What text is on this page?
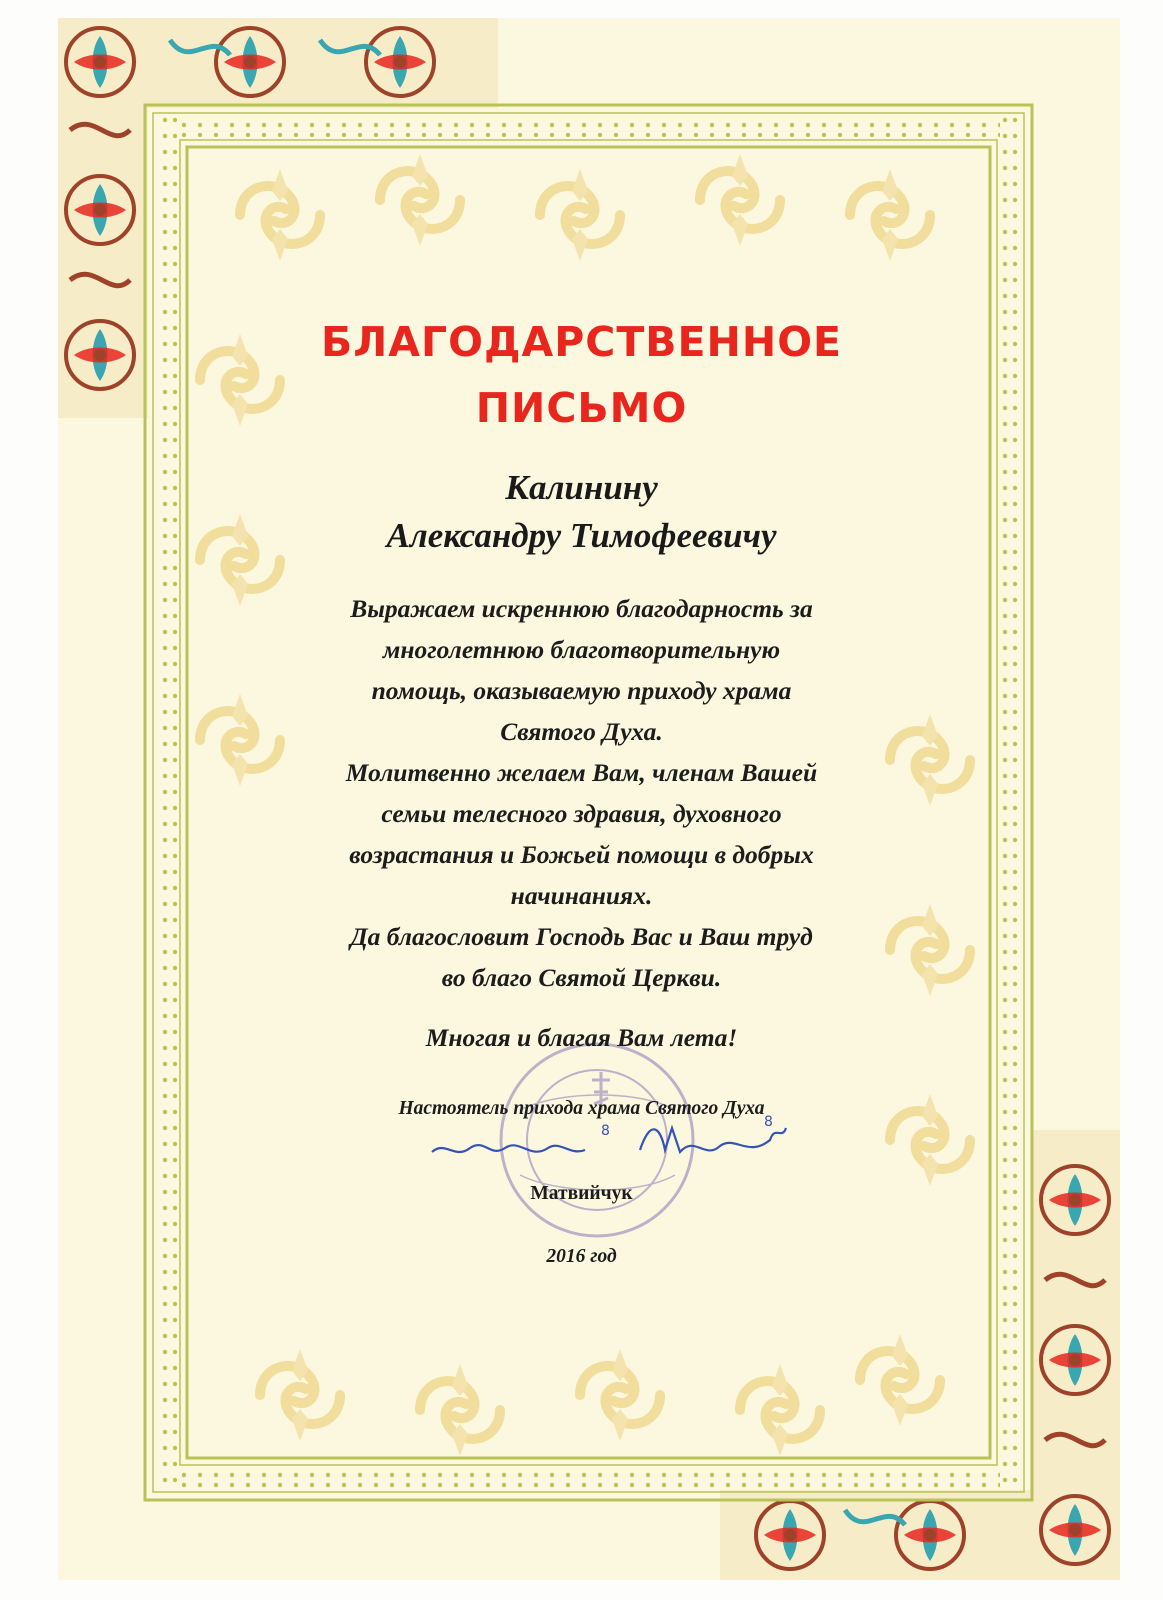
8
8
БЛАГОДАРСТВЕННОЕ
ПИСЬМО
Калинину
Александру Тимофеевичу
Выражаем искреннюю благодарность за
многолетнюю благотворительную
помощь, оказываемую приходу храма
Святого Духа.
Молитвенно желаем Вам, членам Вашей
семьи телесного здравия, духовного
возрастания и Божьей помощи в добрых
начинаниях.
Да благословит Господь Вас и Ваш труд
во благо Святой Церкви.
Многая и благая Вам лета!
Настоятель прихода храма Святого Духа
Матвийчук
2016 год
